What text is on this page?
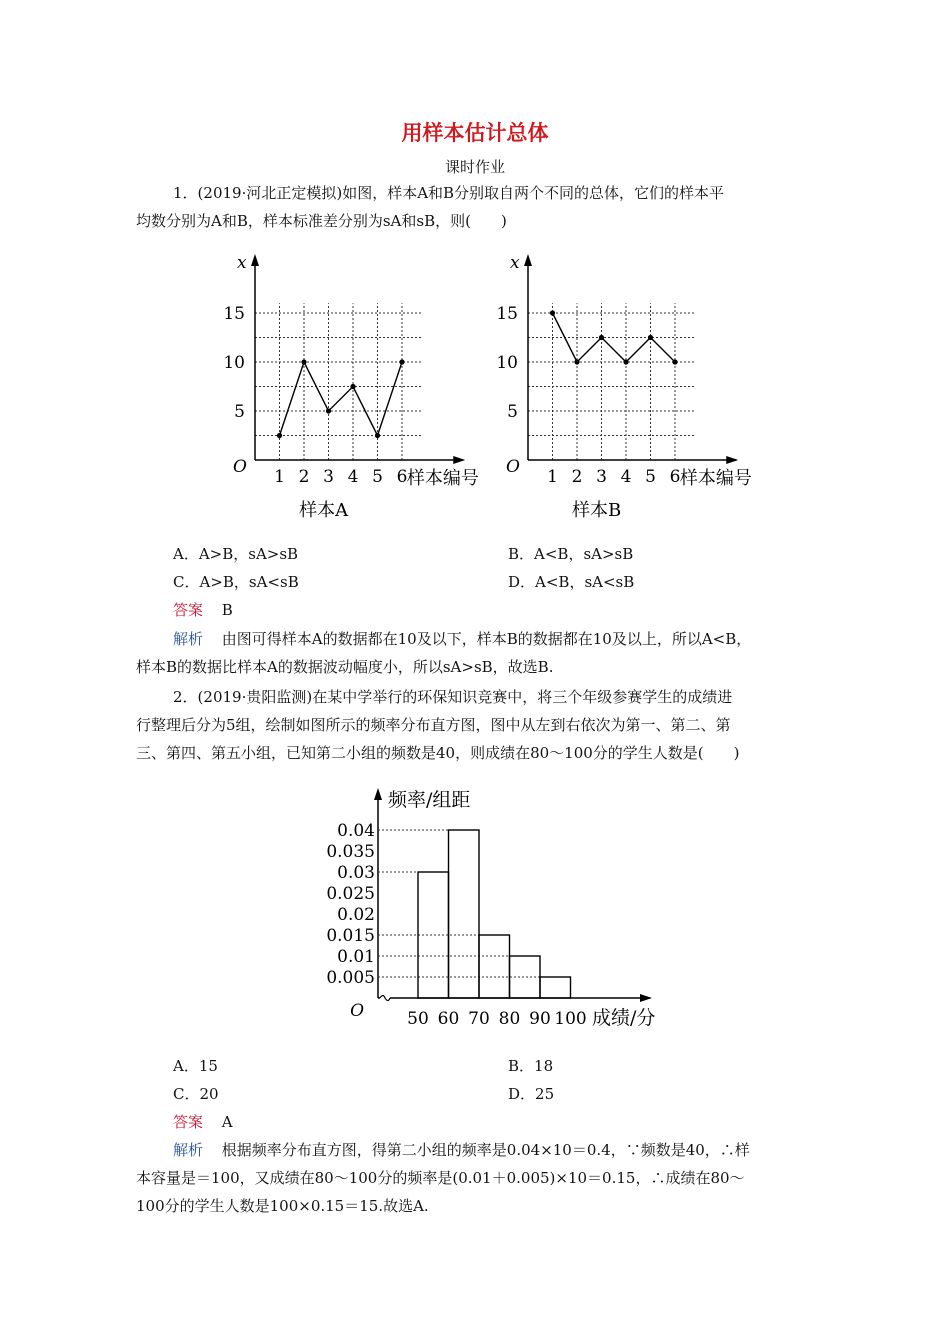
用样本估计总体
课时作业
1．(2019·河北正定模拟)如图，样本A和B分别取自两个不同的总体，它们的样本平
均数分别为A和B，样本标准差分别为sA和sB，则(　　)
x
O
5
10
15
1 2 3 4 5 6 样本编号
样本A
x
O
5
10
15
1 2 3 4 5 6 样本编号
样本B
A．A>B，sA>sB	B．A<B，sA>sB
C．A>B，sA<sB	D．A<B，sA<sB
答案 B
解析 由图可得样本A的数据都在10及以下，样本B的数据都在10及以上，所以A<B，
样本B的数据比样本A的数据波动幅度小，所以sA>sB，故选B.
2．(2019·贵阳监测)在某中学举行的环保知识竞赛中，将三个年级参赛学生的成绩进
行整理后分为5组，绘制如图所示的频率分布直方图，图中从左到右依次为第一、第二、第
三、第四、第五小组，已知第二小组的频数是40，则成绩在80～100分的学生人数是(　　)
频率/组距
O	成绩/分
0.005
0.01
0.015
0.02
0.025
0.03
0.035
0.04
50 60 70 80 90 100
A．15	B．18
C．20	D．25
答案 A
解析 根据频率分布直方图，得第二小组的频率是0.04×10＝0.4，∵频数是40，∴样
本容量是＝100，又成绩在80～100分的频率是(0.01＋0.005)×10＝0.15，∴成绩在80～
100分的学生人数是100×0.15＝15.故选A.
